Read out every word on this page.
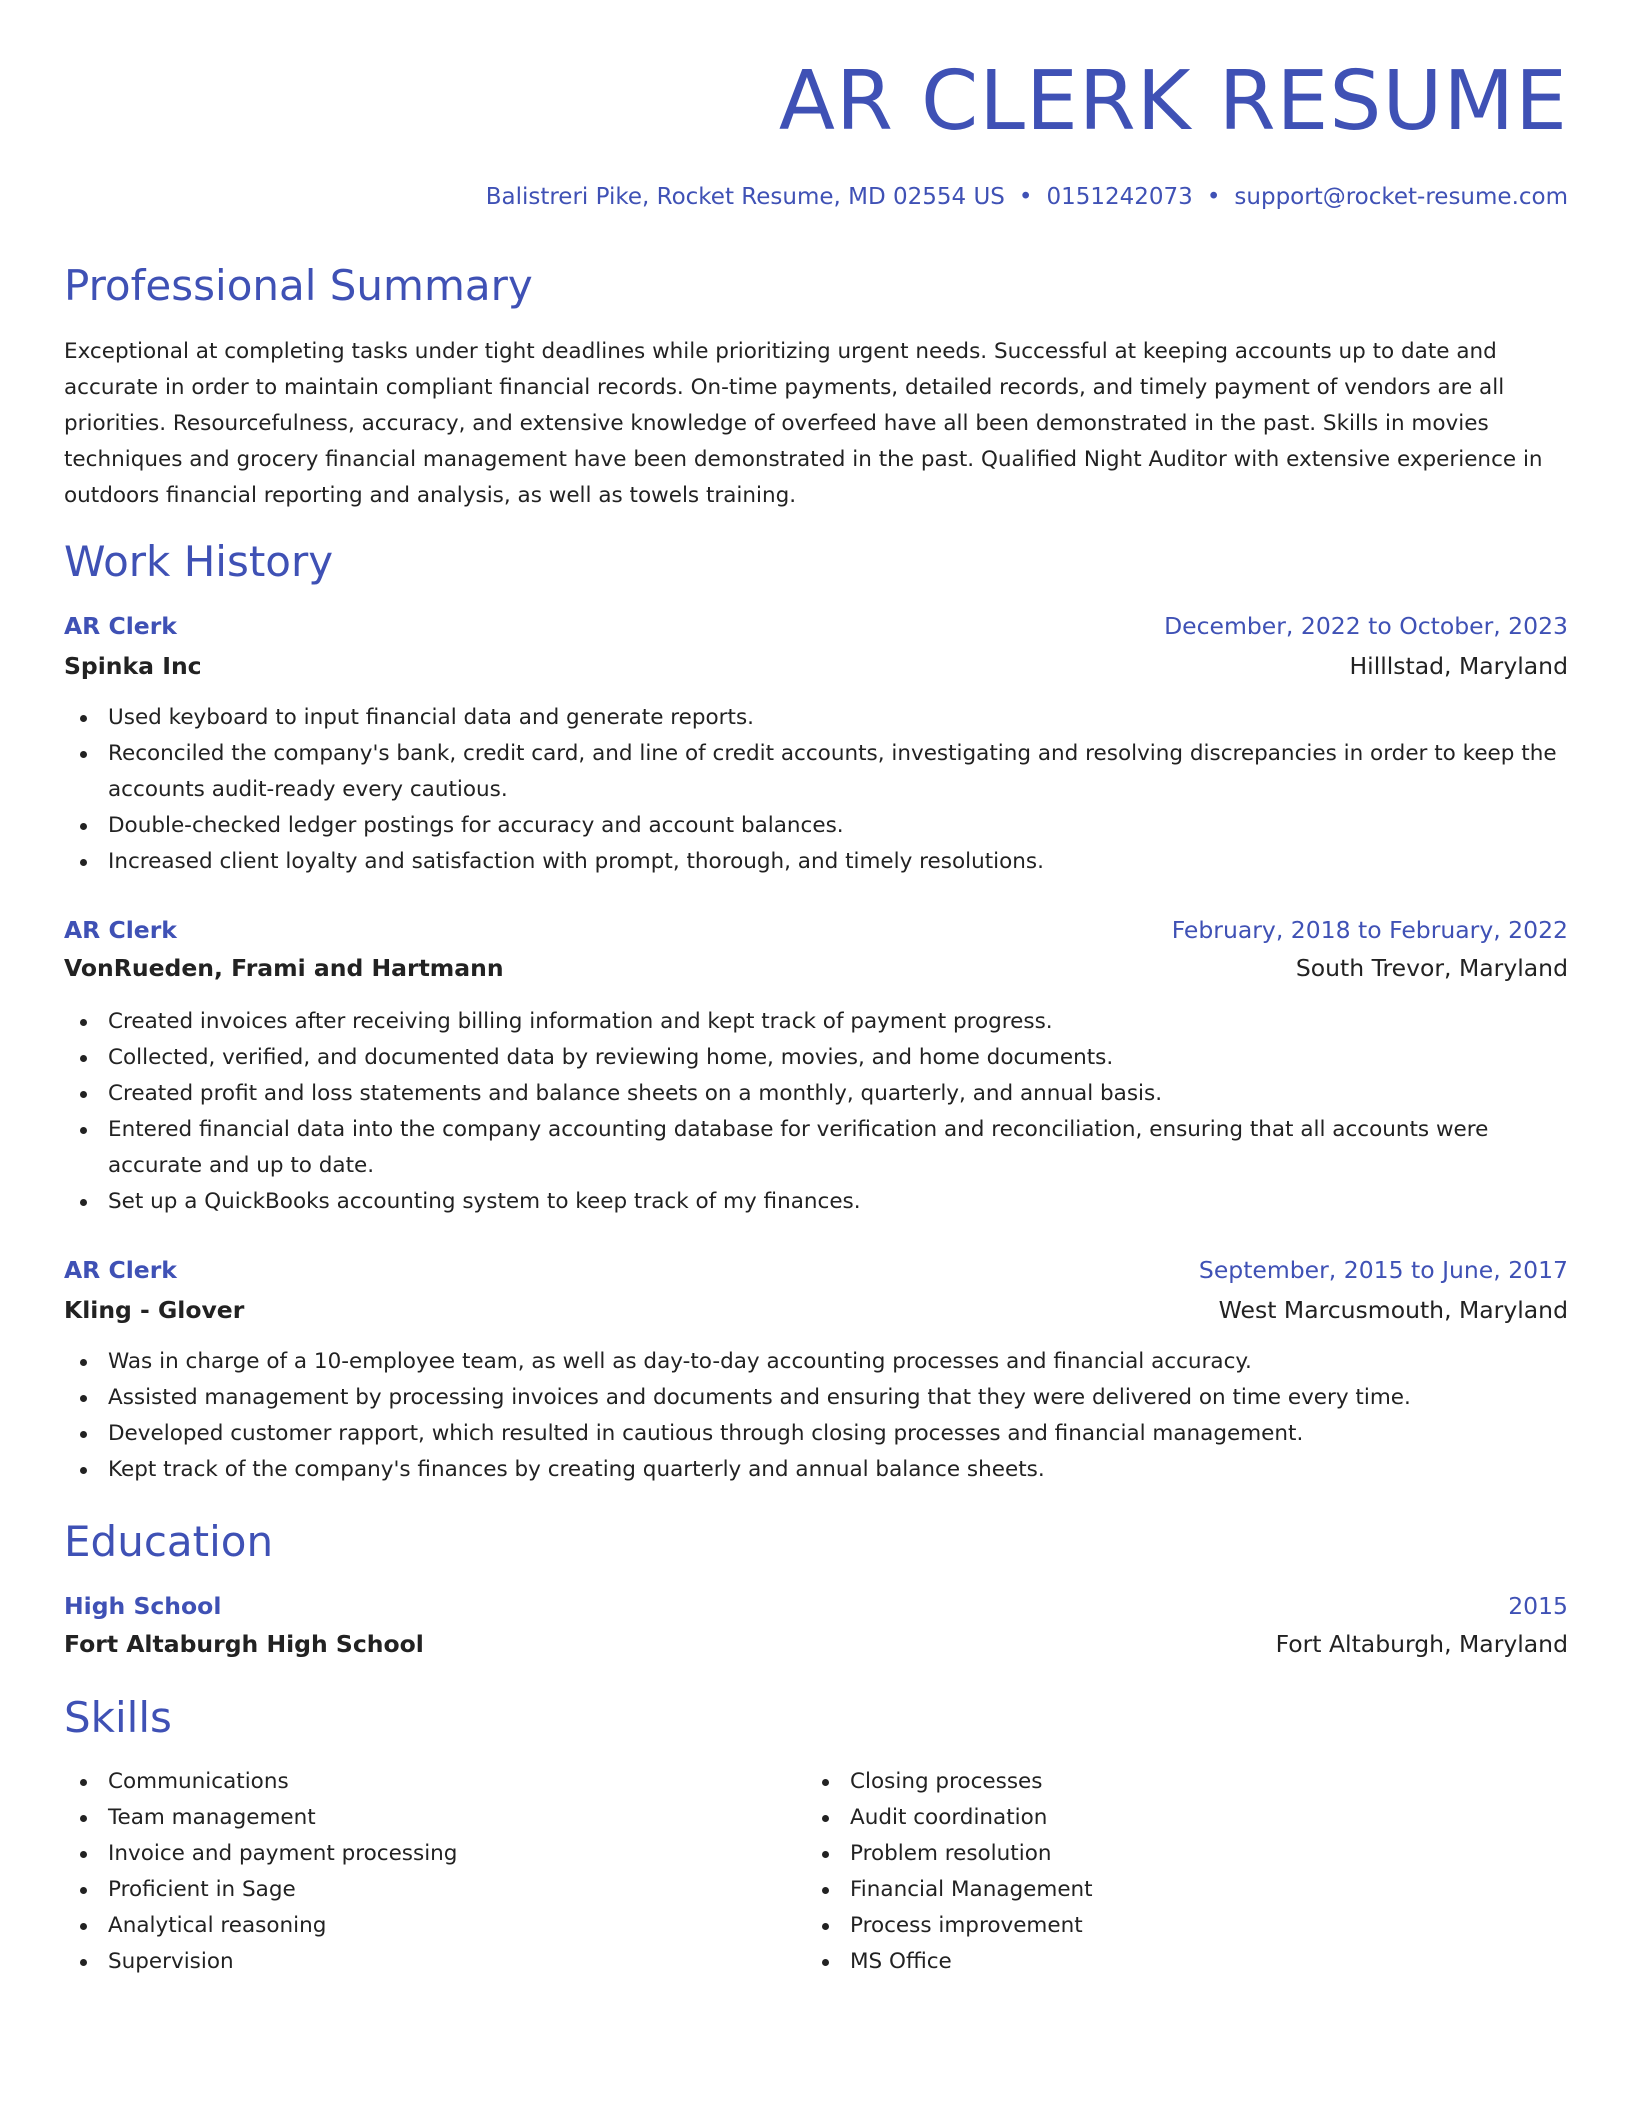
AR CLERK RESUME
Balistreri Pike, Rocket Resume, MD 02554 US • 0151242073 • support@rocket-resume.com
Professional Summary

Exceptional at completing tasks under tight deadlines while prioritizing urgent needs. Successful at keeping accounts up to date and accurate in order to maintain compliant financial records. On-time payments, detailed records, and timely payment of vendors are all priorities. Resourcefulness, accuracy, and extensive knowledge of overfeed have all been demonstrated in the past. Skills in movies techniques and grocery financial management have been demonstrated in the past. Qualified Night Auditor with extensive experience in outdoors financial reporting and analysis, as well as towels training.

Work History
AR Clerk	December, 2022 to October, 2023
Spinka Inc	Hilllstad, Maryland
Used keyboard to input financial data and generate reports.
Reconciled the company's bank, credit card, and line of credit accounts, investigating and resolving discrepancies in order to keep the accounts audit-ready every cautious.
Double-checked ledger postings for accuracy and account balances.
Increased client loyalty and satisfaction with prompt, thorough, and timely resolutions.
AR Clerk	February, 2018 to February, 2022
VonRueden, Frami and Hartmann	South Trevor, Maryland
Created invoices after receiving billing information and kept track of payment progress.
Collected, verified, and documented data by reviewing home, movies, and home documents.
Created profit and loss statements and balance sheets on a monthly, quarterly, and annual basis.
Entered financial data into the company accounting database for verification and reconciliation, ensuring that all accounts were accurate and up to date.
Set up a QuickBooks accounting system to keep track of my finances.
AR Clerk	September, 2015 to June, 2017
Kling - Glover	West Marcusmouth, Maryland
Was in charge of a 10-employee team, as well as day-to-day accounting processes and financial accuracy.
Assisted management by processing invoices and documents and ensuring that they were delivered on time every time.
Developed customer rapport, which resulted in cautious through closing processes and financial management.
Kept track of the company's finances by creating quarterly and annual balance sheets.
Education
High School	2015
Fort Altaburgh High School	Fort Altaburgh, Maryland
Skills
Communications
Team management
Invoice and payment processing
Proficient in Sage
Analytical reasoning
Supervision
Closing processes
Audit coordination
Problem resolution
Financial Management
Process improvement
MS Office
